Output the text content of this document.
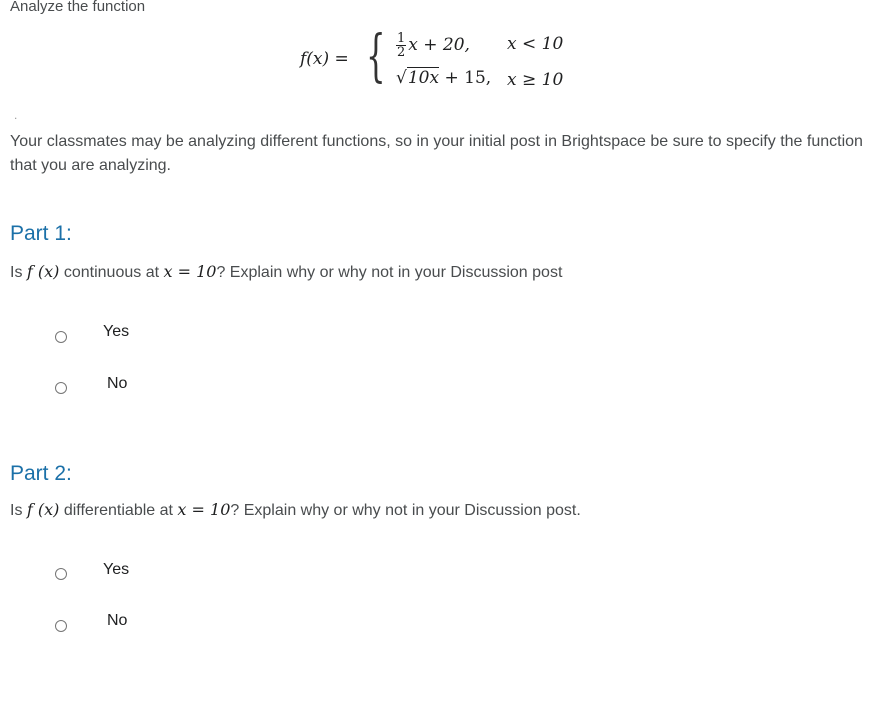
Analyze the function
f(x) = { $\frac{1}{2}$ x + 20, x < 10
√10x + 15, x ≥ 10
.
Your classmates may be analyzing different functions, so in your initial post in Brightspace be sure to specify the function that you are analyzing.
Part 1:
Is f (x) continuous at x = 10? Explain why or why not in your Discussion post
Yes
No
Part 2:
Is f (x) differentiable at x = 10? Explain why or why not in your Discussion post.
Yes
No
